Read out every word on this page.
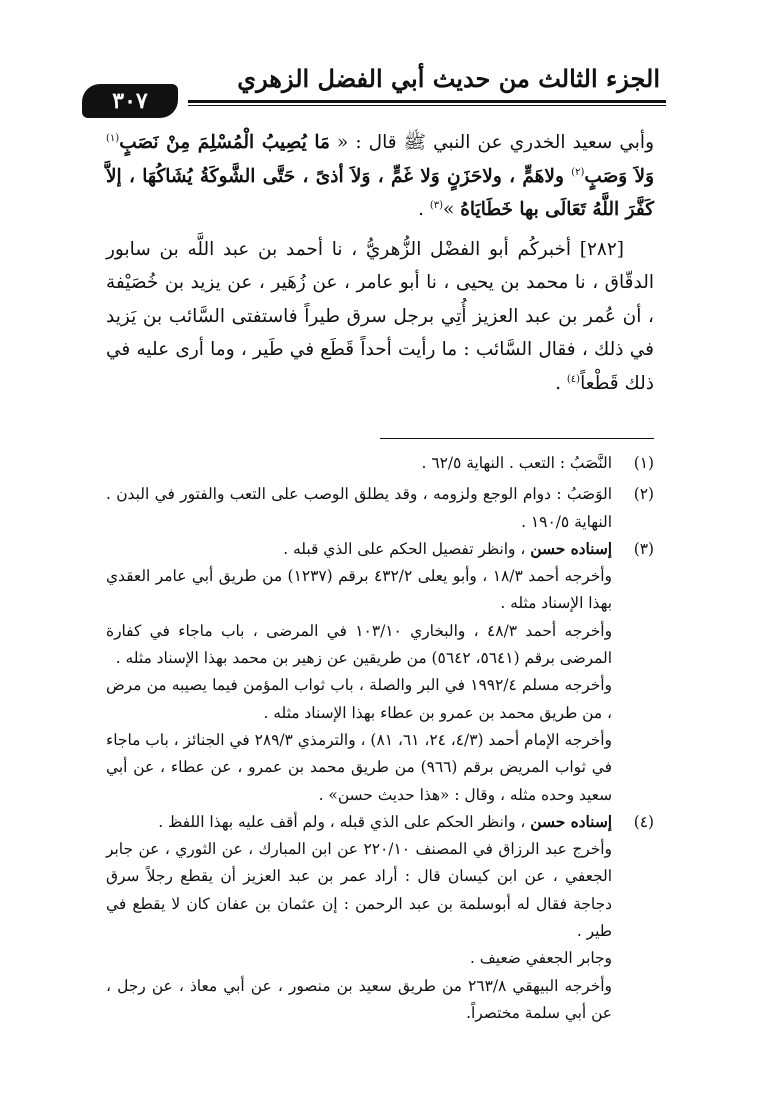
الجزء الثالث من حديث أبي الفضل الزهري
٣٠٧

وأبي سعيد الخدري عن النبي ﷺ قال : « مَا يُصِيبُ الْمُسْلِمَ مِنْ نَصَبٍ$^{(١)}$ وَلاَ وَصَبٍ$^{(٢)}$ ولاهَمٍّ ، ولاحَزَنٍ وَلا غَمٍّ ، وَلاَ أذىً ، حَتَّى الشَّوكَةُ يُشَاكُهَا ، إلاَّ كَفَّرَ اللَّهُ تَعَالَى بها خَطَايَاهُ »$^{(٣)}$ .

[٢٨٢] أخبركُم أبو الفضْل الزُّهريُّ ، نا أحمد بن عبد اللَّه بن سابور الدقّاق ، نا محمد بن يحيى ، نا أبو عامر ، عن زُهَير ، عن يزيد بن خُصَيْفة ، أن عُمر بن عبد العزيز أُتِي برجل سرق طيراً فاستفتى السَّائب بن يَزيد في ذلك ، فقال السَّائب : ما رأيت أحداً قَطَع في طَير ، وما أرى عليه في ذلك قَطْعاً$^{(٤)}$ .

(١)

النَّصَبُ : التعب . النهاية ٦٢/٥ .

(٢)

الوَصَبُ : دوام الوجع ولزومه ، وقد يطلق الوصب على التعب والفتور في البدن . النهاية ١٩٠/٥ .

(٣)

إسناده حسن ، وانظر تفصيل الحكم على الذي قبله .

وأخرجه أحمد ١٨/٣ ، وأبو يعلى ٤٣٢/٢ برقم (١٢٣٧) من طريق أبي عامر العقدي بهذا الإسناد مثله .

وأخرجه أحمد ٤٨/٣ ، والبخاري ١٠٣/١٠ في المرضى ، باب ماجاء في كفارة المرضى برقم (٥٦٤١، ٥٦٤٢) من طريقين عن زهير بن محمد بهذا الإسناد مثله .

وأخرجه مسلم ١٩٩٢/٤ في البر والصلة ، باب ثواب المؤمن فيما يصيبه من مرض ، من طريق محمد بن عمرو بن عطاء بهذا الإسناد مثله .

وأخرجه الإمام أحمد (٤/٣، ٢٤، ٦١، ٨١) ، والترمذي ٢٨٩/٣ في الجنائز ، باب ماجاء في ثواب المريض برقم (٩٦٦) من طريق محمد بن عمرو ، عن عطاء ، عن أبي سعيد وحده مثله ، وقال : «هذا حديث حسن» .

(٤)

إسناده حسن ، وانظر الحكم على الذي قبله ، ولم أقف عليه بهذا اللفظ .

وأخرج عبد الرزاق في المصنف ٢٢٠/١٠ عن ابن المبارك ، عن الثوري ، عن جابر الجعفي ، عن ابن كيسان قال : أراد عمر بن عبد العزيز أن يقطع رجلاً سرق دجاجة فقال له أبوسلمة بن عبد الرحمن : إن عثمان بن عفان كان لا يقطع في طير .

وجابر الجعفي ضعيف .

وأخرجه البيهقي ٢٦٣/٨ من طريق سعيد بن منصور ، عن أبي معاذ ، عن رجل ، عن أبي سلمة مختصراً.
